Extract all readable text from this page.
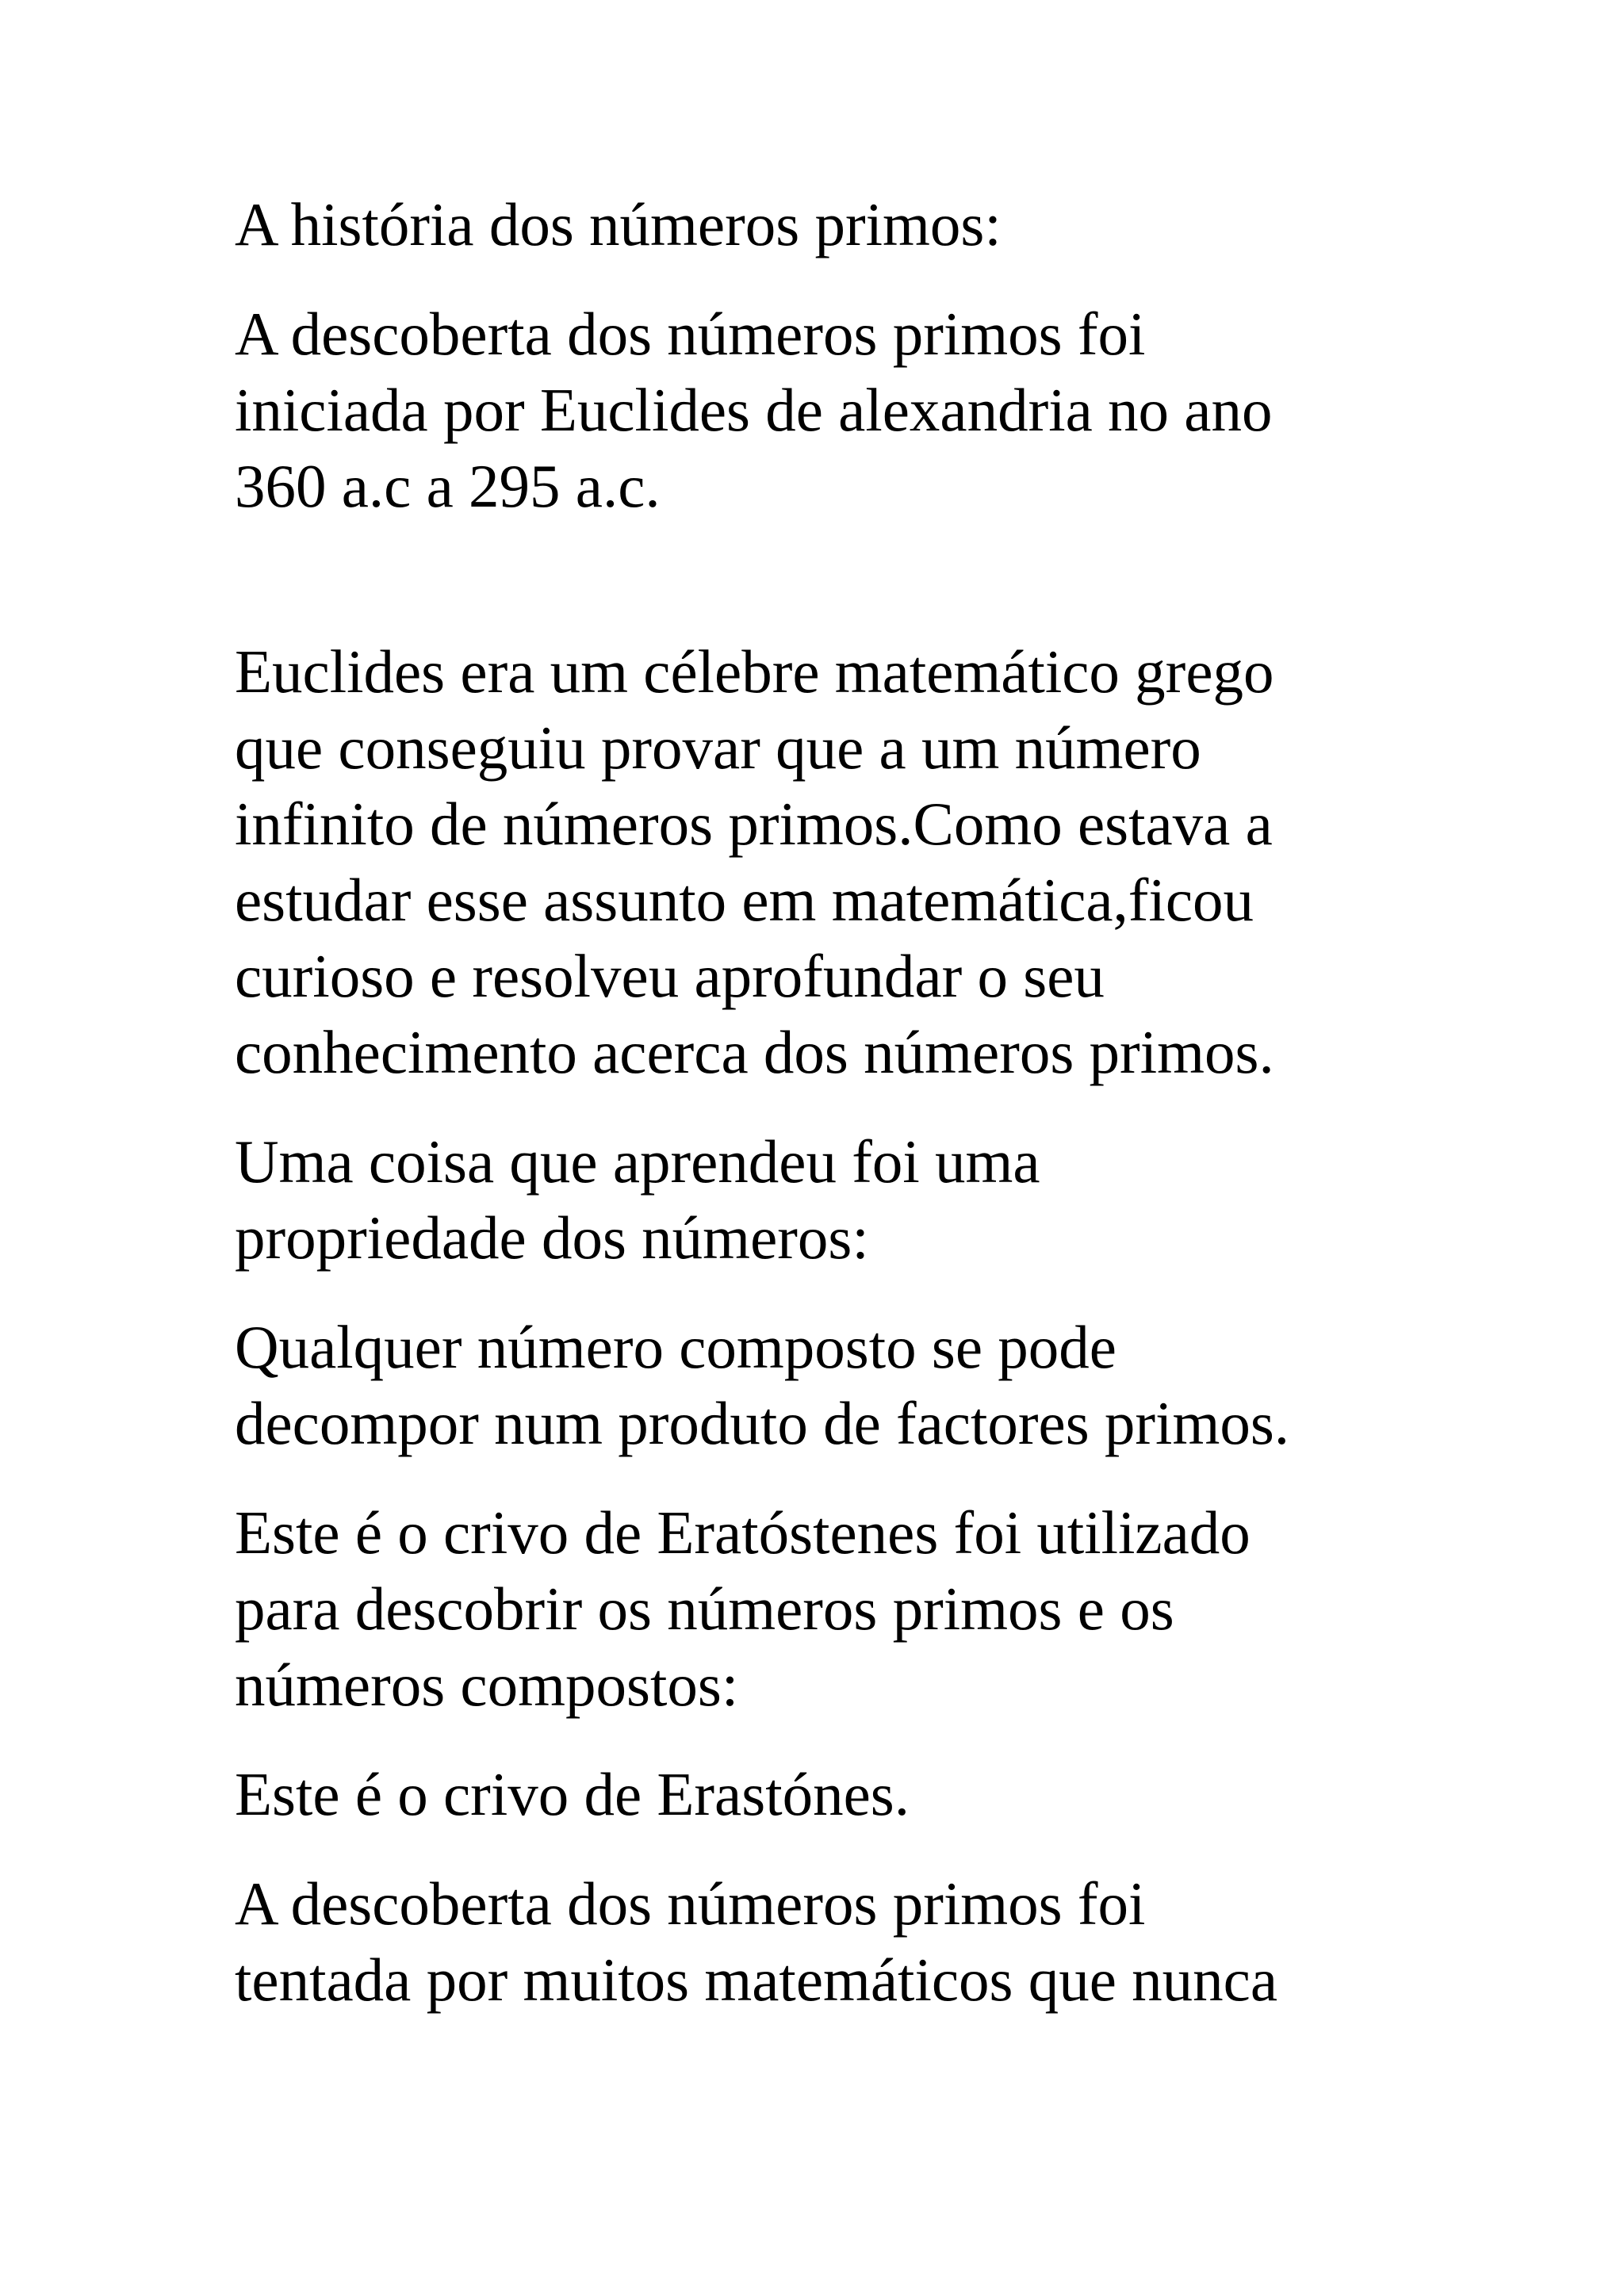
A história dos números primos:

A descoberta dos números primos foi
iniciada por Euclides de alexandria no ano
360 a.c a 295 a.c.

Euclides era um célebre matemático grego
que conseguiu provar que a um número
infinito de números primos.Como estava a
estudar esse assunto em matemática,ficou
curioso e resolveu aprofundar o seu
conhecimento acerca dos números primos.

Uma coisa que aprendeu foi uma
propriedade dos números:

Qualquer número composto se pode
decompor num produto de factores primos.

Este é o crivo de Eratóstenes foi utilizado
para descobrir os números primos e os
números compostos:

Este é o crivo de Erastónes.

A descoberta dos números primos foi
tentada por muitos matemáticos que nunca
